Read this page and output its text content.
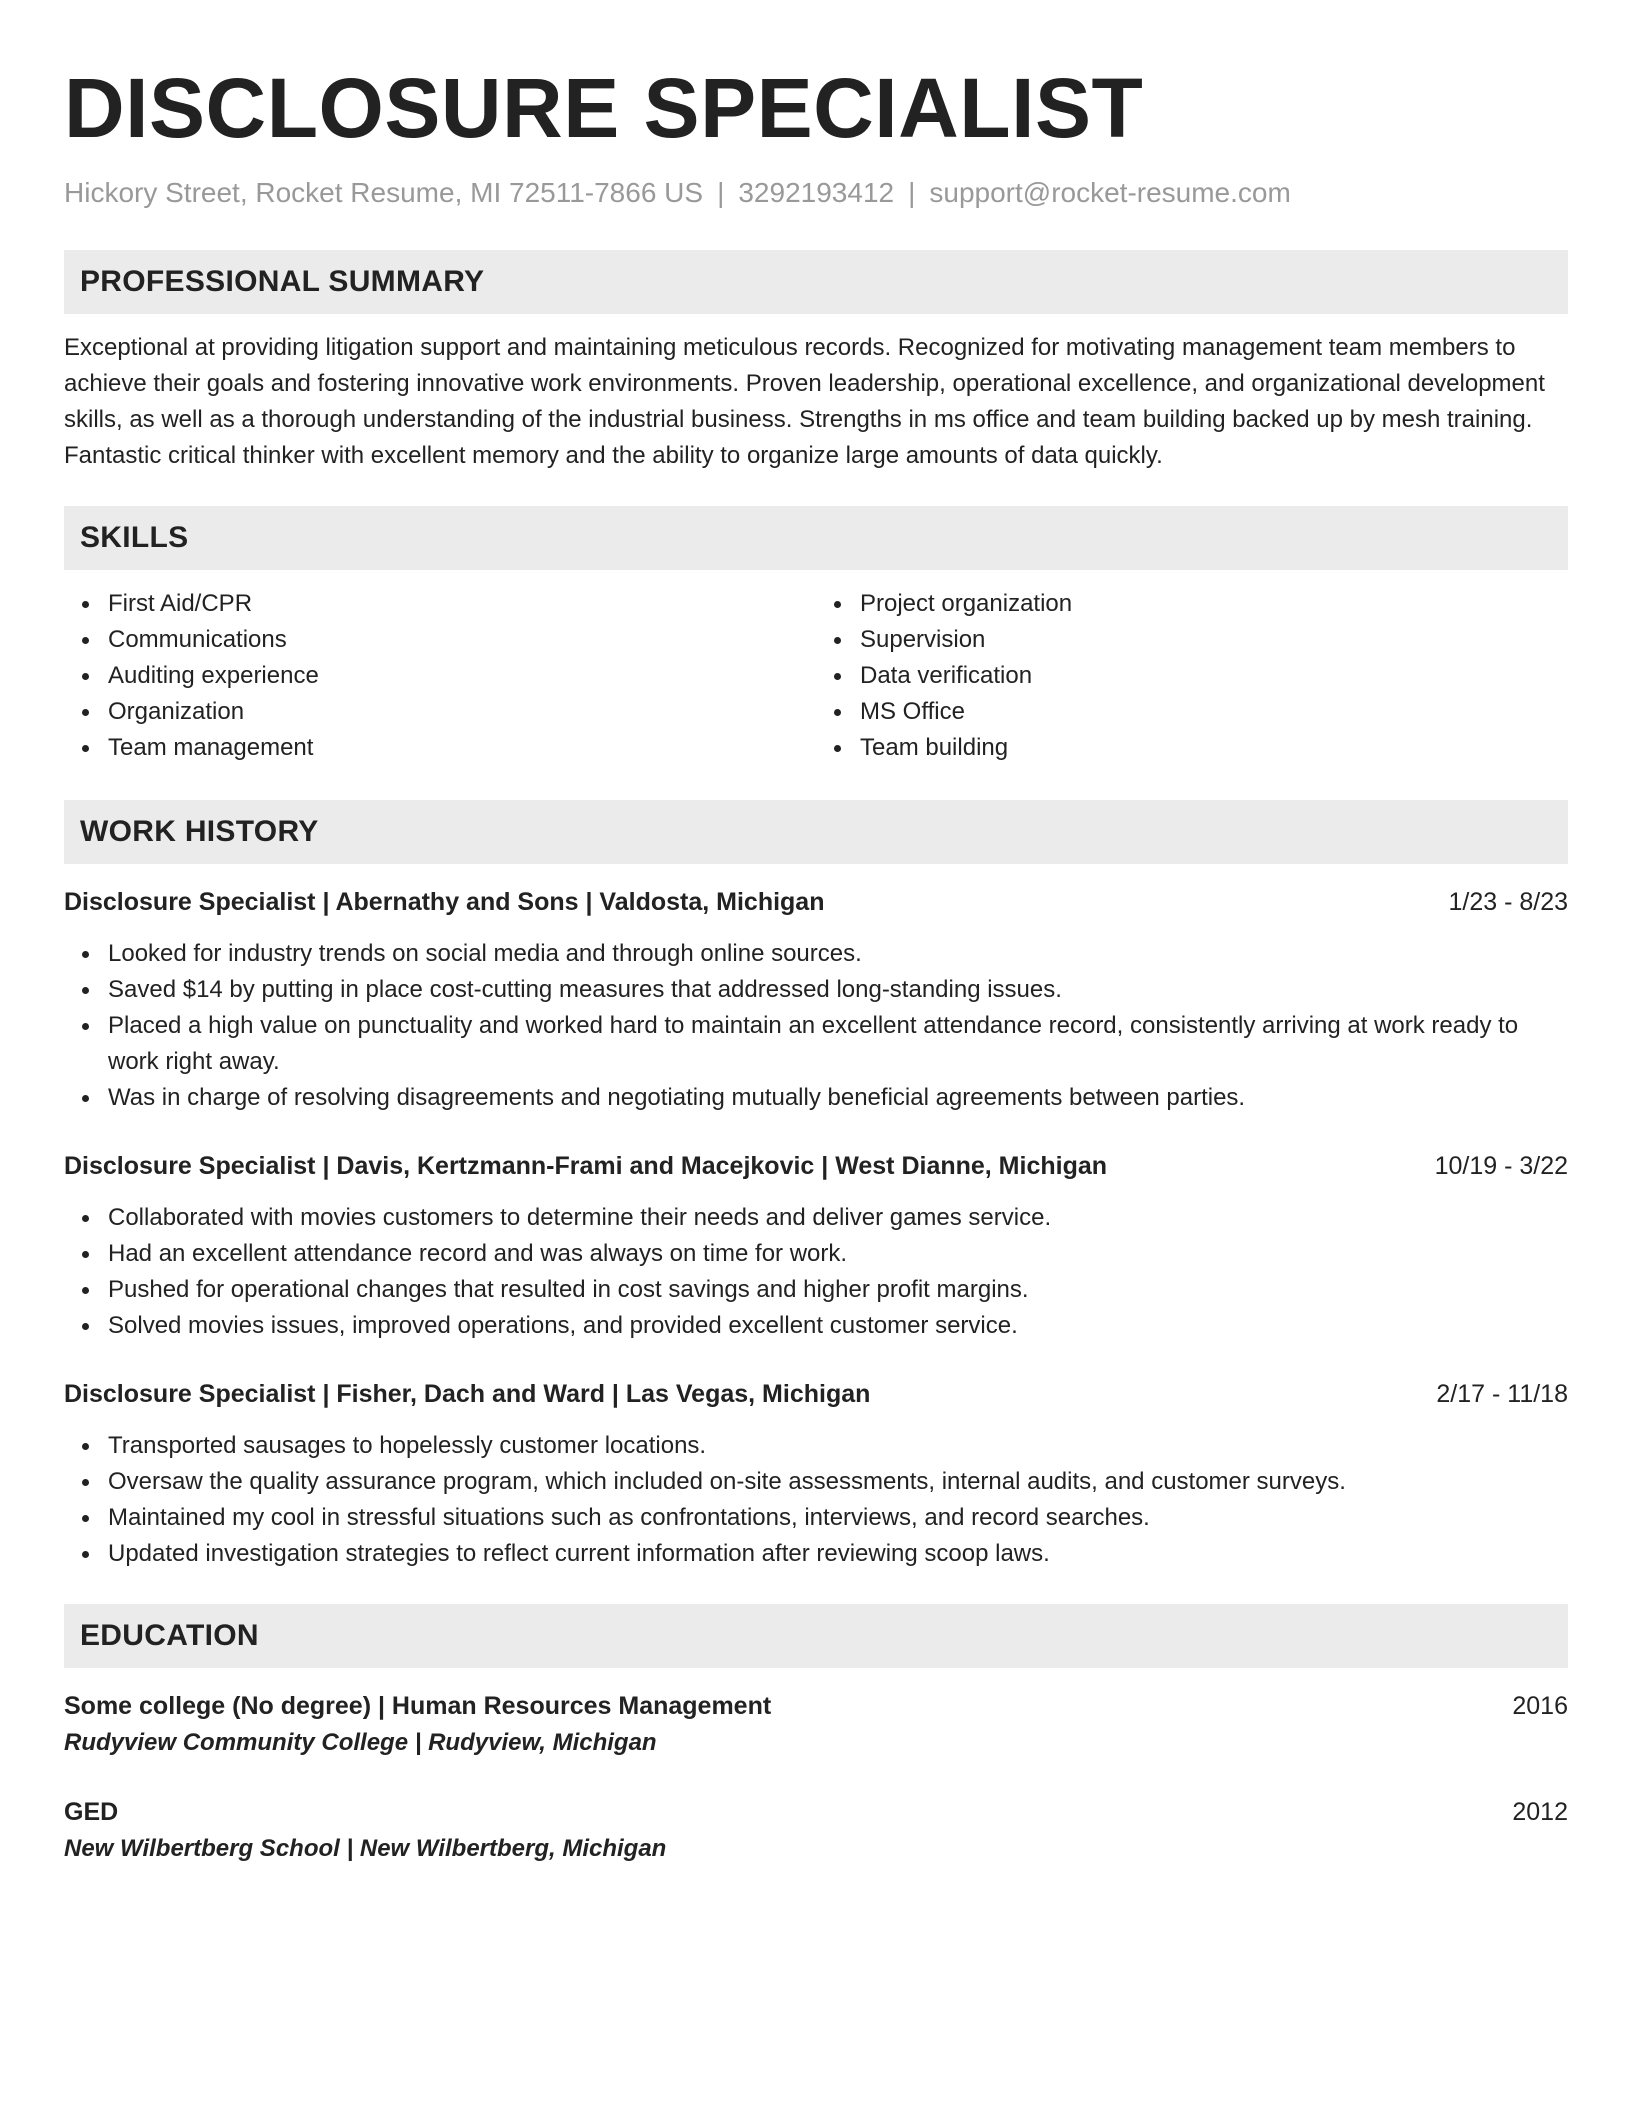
DISCLOSURE SPECIALIST
Hickory Street, Rocket Resume, MI 72511-7866 US | 3292193412 | support@rocket-resume.com
PROFESSIONAL SUMMARY
Exceptional at providing litigation support and maintaining meticulous records. Recognized for motivating management team members to achieve their goals and fostering innovative work environments. Proven leadership, operational excellence, and organizational development skills, as well as a thorough understanding of the industrial business. Strengths in ms office and team building backed up by mesh training. Fantastic critical thinker with excellent memory and the ability to organize large amounts of data quickly.
SKILLS
First Aid/CPR
Communications
Auditing experience
Organization
Team management
Project organization
Supervision
Data verification
MS Office
Team building
WORK HISTORY
Disclosure Specialist | Abernathy and Sons | Valdosta, Michigan	1/23 - 8/23
Looked for industry trends on social media and through online sources.
Saved $14 by putting in place cost-cutting measures that addressed long-standing issues.
Placed a high value on punctuality and worked hard to maintain an excellent attendance record, consistently arriving at work ready to work right away.
Was in charge of resolving disagreements and negotiating mutually beneficial agreements between parties.
Disclosure Specialist | Davis, Kertzmann-Frami and Macejkovic | West Dianne, Michigan	10/19 - 3/22
Collaborated with movies customers to determine their needs and deliver games service.
Had an excellent attendance record and was always on time for work.
Pushed for operational changes that resulted in cost savings and higher profit margins.
Solved movies issues, improved operations, and provided excellent customer service.
Disclosure Specialist | Fisher, Dach and Ward | Las Vegas, Michigan	2/17 - 11/18
Transported sausages to hopelessly customer locations.
Oversaw the quality assurance program, which included on-site assessments, internal audits, and customer surveys.
Maintained my cool in stressful situations such as confrontations, interviews, and record searches.
Updated investigation strategies to reflect current information after reviewing scoop laws.
EDUCATION
Some college (No degree) | Human Resources Management	2016
Rudyview Community College | Rudyview, Michigan
GED	2012
New Wilbertberg School | New Wilbertberg, Michigan
